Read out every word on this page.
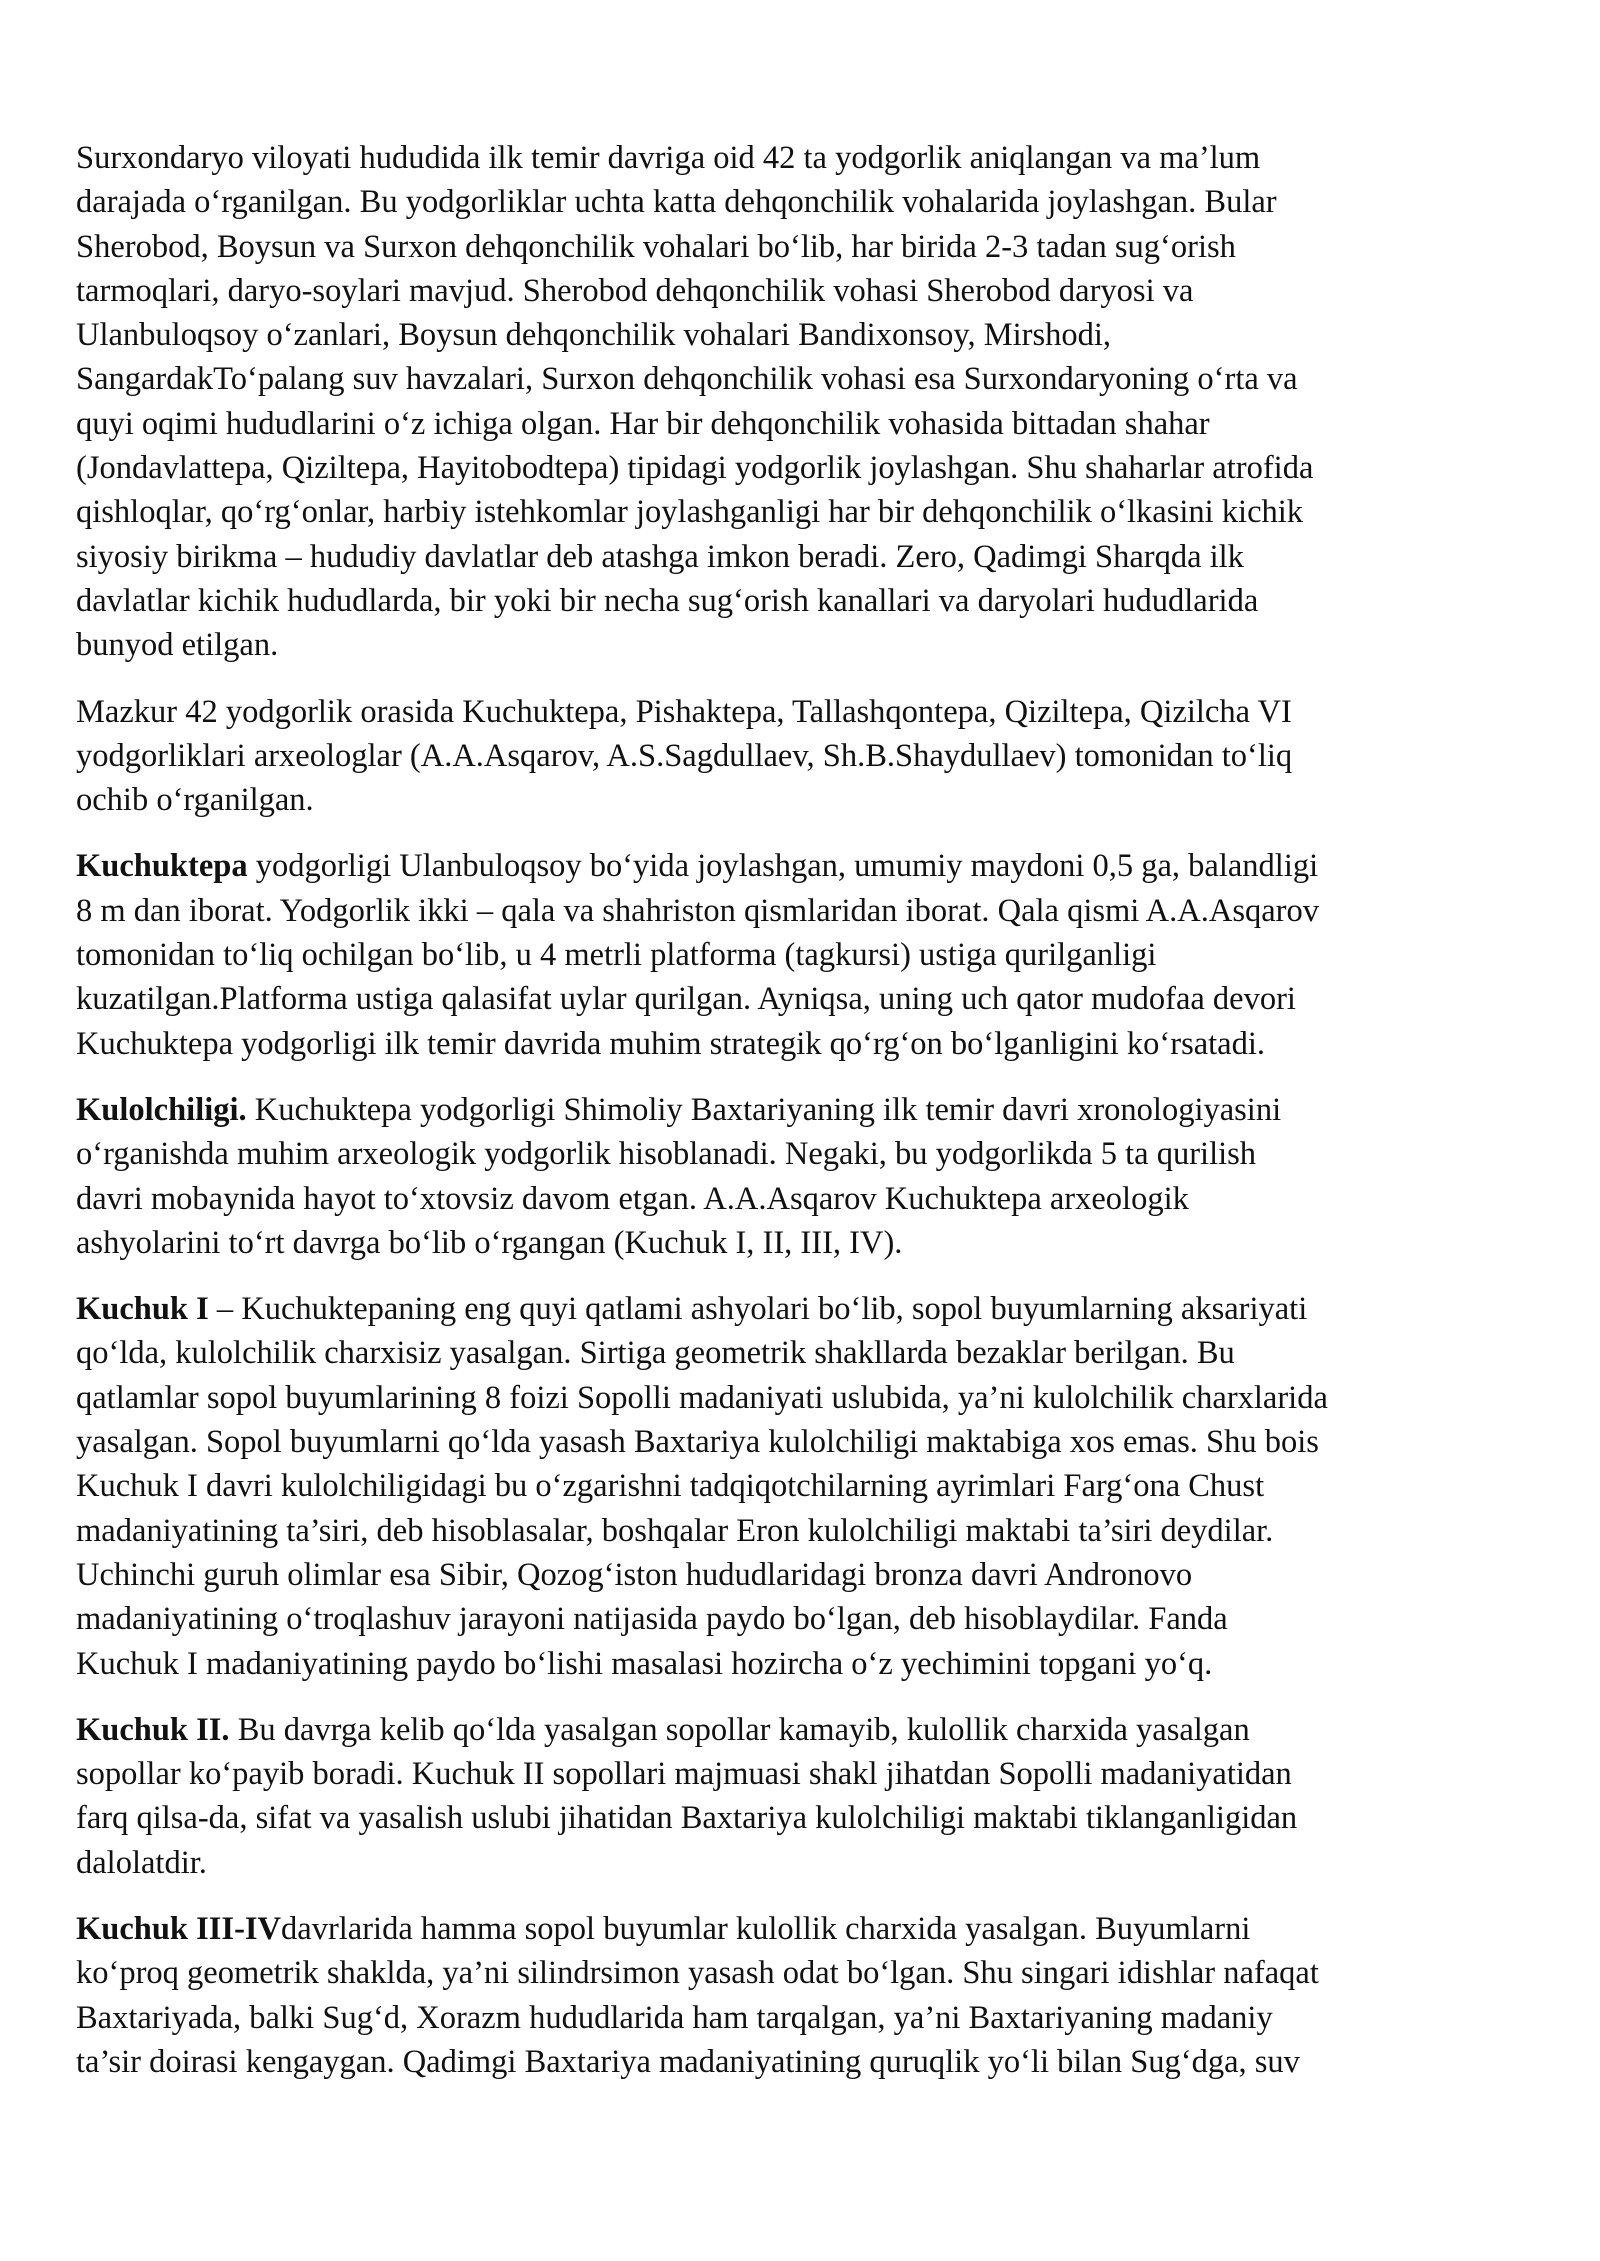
Surxondaryo viloyati hududida ilk temir davriga oid 42 ta yodgorlik aniqlangan va ma’lum
darajada o‘rganilgan. Bu yodgorliklar uchta katta dehqonchilik vohalarida joylashgan. Bular
Sherobod, Boysun va Surxon dehqonchilik vohalari bo‘lib, har birida 2-3 tadan sug‘orish
tarmoqlari, daryo-soylari mavjud. Sherobod dehqonchilik vohasi Sherobod daryosi va
Ulanbuloqsoy o‘zanlari, Boysun dehqonchilik vohalari Bandixonsoy, Mirshodi,
SangardakTo‘palang suv havzalari, Surxon dehqonchilik vohasi esa Surxondaryoning o‘rta va
quyi oqimi hududlarini o‘z ichiga olgan. Har bir dehqonchilik vohasida bittadan shahar
(Jondavlattepa, Qiziltepa, Hayitobodtepa) tipidagi yodgorlik joylashgan. Shu shaharlar atrofida
qishloqlar, qo‘rg‘onlar, harbiy istehkomlar joylashganligi har bir dehqonchilik o‘lkasini kichik
siyosiy birikma – hududiy davlatlar deb atashga imkon beradi. Zero, Qadimgi Sharqda ilk
davlatlar kichik hududlarda, bir yoki bir necha sug‘orish kanallari va daryolari hududlarida
bunyod etilgan.

Mazkur 42 yodgorlik orasida Kuchuktepa, Pishaktepa, Tallashqontepa, Qiziltepa, Qizilcha VI
yodgorliklari arxeologlar (A.A.Asqarov, A.S.Sagdullaev, Sh.B.Shaydullaev) tomonidan to‘liq
ochib o‘rganilgan.

Kuchuktepa yodgorligi Ulanbuloqsoy bo‘yida joylashgan, umumiy maydoni 0,5 ga, balandligi
8 m dan iborat. Yodgorlik ikki – qala va shahriston qismlaridan iborat. Qala qismi A.A.Asqarov
tomonidan to‘liq ochilgan bo‘lib, u 4 metrli platforma (tagkursi) ustiga qurilganligi
kuzatilgan.Platforma ustiga qalasifat uylar qurilgan. Ayniqsa, uning uch qator mudofaa devori
Kuchuktepa yodgorligi ilk temir davrida muhim strategik qo‘rg‘on bo‘lganligini ko‘rsatadi.

Kulolchiligi. Kuchuktepa yodgorligi Shimoliy Baxtariyaning ilk temir davri xronologiyasini
o‘rganishda muhim arxeologik yodgorlik hisoblanadi. Negaki, bu yodgorlikda 5 ta qurilish
davri mobaynida hayot to‘xtovsiz davom etgan. A.A.Asqarov Kuchuktepa arxeologik
ashyolarini to‘rt davrga bo‘lib o‘rgangan (Kuchuk I, II, III, IV).

Kuchuk I – Kuchuktepaning eng quyi qatlami ashyolari bo‘lib, sopol buyumlarning aksariyati
qo‘lda, kulolchilik charxisiz yasalgan. Sirtiga geometrik shakllarda bezaklar berilgan. Bu
qatlamlar sopol buyumlarining 8 foizi Sopolli madaniyati uslubida, ya’ni kulolchilik charxlarida
yasalgan. Sopol buyumlarni qo‘lda yasash Baxtariya kulolchiligi maktabiga xos emas. Shu bois
Kuchuk I davri kulolchiligidagi bu o‘zgarishni tadqiqotchilarning ayrimlari Farg‘ona Chust
madaniyatining ta’siri, deb hisoblasalar, boshqalar Eron kulolchiligi maktabi ta’siri deydilar.
Uchinchi guruh olimlar esa Sibir, Qozog‘iston hududlaridagi bronza davri Andronovo
madaniyatining o‘troqlashuv jarayoni natijasida paydo bo‘lgan, deb hisoblaydilar. Fanda
Kuchuk I madaniyatining paydo bo‘lishi masalasi hozircha o‘z yechimini topgani yo‘q.

Kuchuk II. Bu davrga kelib qo‘lda yasalgan sopollar kamayib, kulollik charxida yasalgan
sopollar ko‘payib boradi. Kuchuk II sopollari majmuasi shakl jihatdan Sopolli madaniyatidan
farq qilsa-da, sifat va yasalish uslubi jihatidan Baxtariya kulolchiligi maktabi tiklanganligidan
dalolatdir.

Kuchuk III-IVdavrlarida hamma sopol buyumlar kulollik charxida yasalgan. Buyumlarni
ko‘proq geometrik shaklda, ya’ni silindrsimon yasash odat bo‘lgan. Shu singari idishlar nafaqat
Baxtariyada, balki Sug‘d, Xorazm hududlarida ham tarqalgan, ya’ni Baxtariyaning madaniy
ta’sir doirasi kengaygan. Qadimgi Baxtariya madaniyatining quruqlik yo‘li bilan Sug‘dga, suv
